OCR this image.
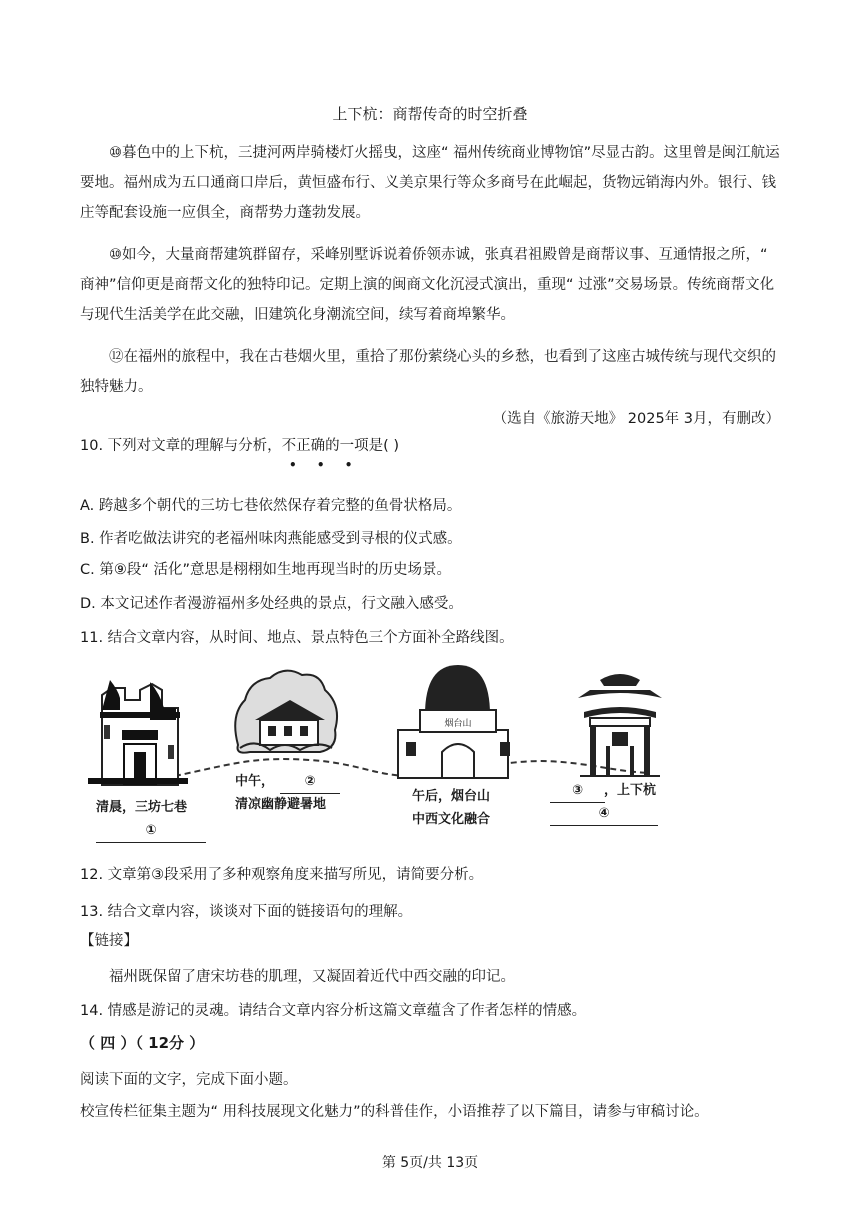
上下杭：商帮传奇的时空折叠
⑩暮色中的上下杭，三捷河两岸骑楼灯火摇曳，这座“ 福州传统商业博物馆”尽显古韵。这里曾是闽江航运要地。福州成为五口通商口岸后，黄恒盛布行、义美京果行等众多商号在此崛起，货物远销海内外。银行、钱庄等配套设施一应俱全，商帮势力蓬勃发展。
⑩如今，大量商帮建筑群留存，采峰别墅诉说着侨领赤诚，张真君祖殿曾是商帮议事、互通情报之所，“ 商神”信仰更是商帮文化的独特印记。定期上演的闽商文化沉浸式演出，重现“ 过涨”交易场景。传统商帮文化与现代生活美学在此交融，旧建筑化身潮流空间，续写着商埠繁华。
⑫在福州的旅程中，我在古巷烟火里，重拾了那份萦绕心头的乡愁，也看到了这座古城传统与现代交织的独特魅力。
（选自《旅游天地》 2025年 3月，有删改）
10. 下列对文章的理解与分析，不正确的一项是( )
• • •
A. 跨越多个朝代的三坊七巷依然保存着完整的鱼骨状格局。
B. 作者吃做法讲究的老福州味肉燕能感受到寻根的仪式感。
C. 第⑨段“ 活化”意思是栩栩如生地再现当时的历史场景。
D. 本文记述作者漫游福州多处经典的景点，行文融入感受。
11. 结合文章内容，从时间、地点、景点特色三个方面补全路线图。
烟台山
清晨，三坊七巷
①
中午，	②
清凉幽静避暑地
午后，烟台山
中西文化融合
③	，上下杭
④
12. 文章第③段采用了多种观察角度来描写所见，请简要分析。
13. 结合文章内容，谈谈对下面的链接语句的理解。
【链接】
福州既保留了唐宋坊巷的肌理，又凝固着近代中西交融的印记。
14. 情感是游记的灵魂。请结合文章内容分析这篇文章蕴含了作者怎样的情感。
（ 四 ）（ 12分 ）
阅读下面的文字，完成下面小题。
校宣传栏征集主题为“ 用科技展现文化魅力”的科普佳作，小语推荐了以下篇目，请参与审稿讨论。
第 5页/共 13页
